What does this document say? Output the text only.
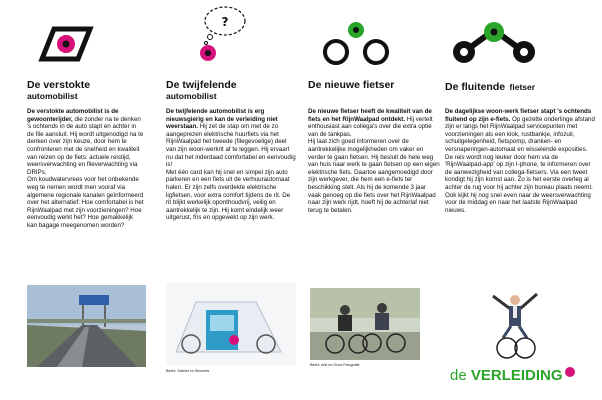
De verstokte
automobilist

De verstokte automobilist is de gewoonterijder, die zonder na te denken 's ochtends in de auto stapt en achter in de file aansluit. Hij wordt uitgenodigd na te denken over zijn keuze, door hem te confronteren met de snelheid en kwaliteit van reizen op de fiets: actuele reistijd, weersverwachting en fileverwachting via DRIPs.

Om koudwatervrees voor het onbekende weg te nemen wordt men vooraf via algemene regionale kanalen geïnformeerd over het alternatief: Hoe comfortabel is het RijnWaalpad met zijn voorzieningen? Hoe eenvoudig werkt het? Hoe gemakkelijk kan bagage meegenomen worden?

?
De twijfelende
automobilist

De twijfelende automobilist is erg nieuwsgierig en kan de verleiding niet weerstaan. Hij zet de stap om met de zo aangeprezen elektrische huurfiets via het RijnWaalpad het tweede (filegevoelige) deel van zijn woon-werkrit af te leggen. Hij ervaart nu dat het inderdaad comfortabel en eenvoudig is!

Met één card kan hij snel en simpel zijn auto parkeren en een fiets uit de verhuurautomaat halen. Er zijn zelfs overdekte elektrische ligfietsen, voor extra comfort tijdens de rit. De rit blijkt werkelijk oponthoudvrij, veilig en aantrekkelijk te zijn. Hij komt eindelijk weer uitgerust, fris en opgewekt op zijn werk.

Beeld: Gabriel en Stroomts
De nieuwe fietser

De nieuwe fietser heeft de kwaliteit van de fiets en het RijnWaalpad ontdekt. Hij vertelt enthousiast aan collega's over die extra optie van de tankpas.

Hij laat zich goed informeren over de aantrekkelijke mogelijkheden om vaker en verder te gaan fietsen. Hij besluit de hele weg van huis naar werk te gaan fietsen op een eigen elektrische fiets. Daartoe aangemoedigd door zijn werkgever, die hem een e-fiets ter beschikking stelt. Als hij de komende 3 jaar vaak genoeg op die fiets over het RijnWaalpad naar zijn werk rijdt, hoeft hij de achterlaf niet terug te betalen.

Beeld: Arib en Groot Fotografie
De fluitende fietser

De dagelijkse woon-werk fietser stapt 's ochtends fluitend op zijn e-fiets. Op gezette onderlinge afstand zijn er langs het RijnWaalpad servicepunten met voorzieningen als een klok, rustbankje, infozuil, schuilgelegenheid, fietspomp, dranken- en versnaperingen-automaat en wisselende exposities.

De reis wordt nog leuker door hem via de 'RijnWaalpad-app' op zijn I-phone, te informeren over de aanwezigheid van collega-fietsers. Via een tweet kondigt hij zijn komst aan. Zo is het eerste overleg al achter de rug voor hij achter zijn bureau plaats neemt. Ook kijkt hij nog snel even naar de weersverwachting voor de middag en naar het laatste RijnWaalpad nieuws.

de VERLEIDING
